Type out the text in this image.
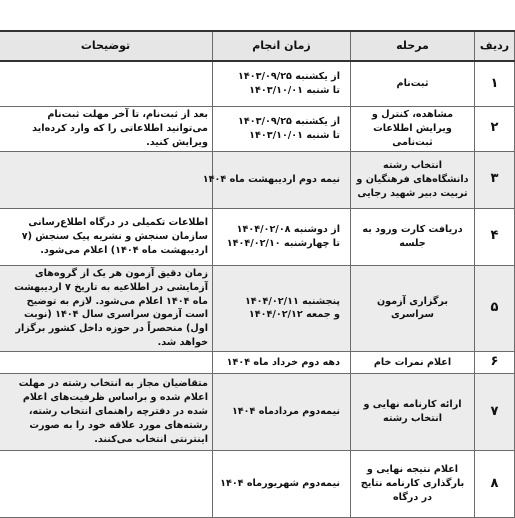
ردیف	مرحله	زمان انجام	توضیحات
۱	ثبت‌نام	از یکشنبه ۱۴۰۳/۰۹/۲۵
تا شنبه ۱۴۰۳/۱۰/۰۱	

۲	مشاهده، کنترل و ویرایش اطلاعات ثبت‌نامی	از یکشنبه ۱۴۰۳/۰۹/۲۵
تا شنبه ۱۴۰۳/۱۰/۰۱	بعد از ثبت‌نام، تا آخر مهلت ثبت‌نام می‌توانید اطلاعاتی را که وارد کرده‌اید ویرایش کنید.
۳	انتخاب رشته دانشگاه‌های فرهنگیان و تربیت دبیر شهید رجایی	نیمه دوم اردیبهشت ماه ۱۴۰۴	

۴	دریافت کارت ورود به جلسه	از دوشنبه ۱۴۰۴/۰۲/۰۸
تا چهارشنبه ۱۴۰۴/۰۲/۱۰	اطلاعات تکمیلی در درگاه اطلاع‌رسانی سازمان سنجش و نشریه پیک سنجش (۷ اردیبهشت ماه ۱۴۰۴) اعلام می‌شود.
۵	برگزاری آزمون سراسری	پنجشنبه ۱۴۰۴/۰۲/۱۱
و جمعه ۱۴۰۴/۰۲/۱۲	زمان دقیق آزمون هر یک از گروه‌های آزمایشی در اطلاعیه به تاریخ ۷ اردیبهشت ماه ۱۴۰۴ اعلام می‌شود. لازم به توضیح است آزمون سراسری سال ۱۴۰۴ (نوبت اول) منحصراً در حوزه داخل کشور برگزار خواهد شد.
۶	اعلام نمرات خام	دهه دوم خرداد ماه ۱۴۰۴	

۷	ارائه کارنامه نهایی و انتخاب رشته	نیمه‌دوم مردادماه ۱۴۰۴	متقاضیان مجاز به انتخاب رشته در مهلت اعلام شده و براساس ظرفیت‌های اعلام شده در دفترچه راهنمای انتخاب رشته، رشته‌های مورد علاقه خود را به صورت اینترنتی انتخاب می‌کنند.
۸	اعلام نتیجه نهایی و بارگذاری کارنامه نتایج در درگاه	نیمه‌دوم شهریورماه ۱۴۰۴	
